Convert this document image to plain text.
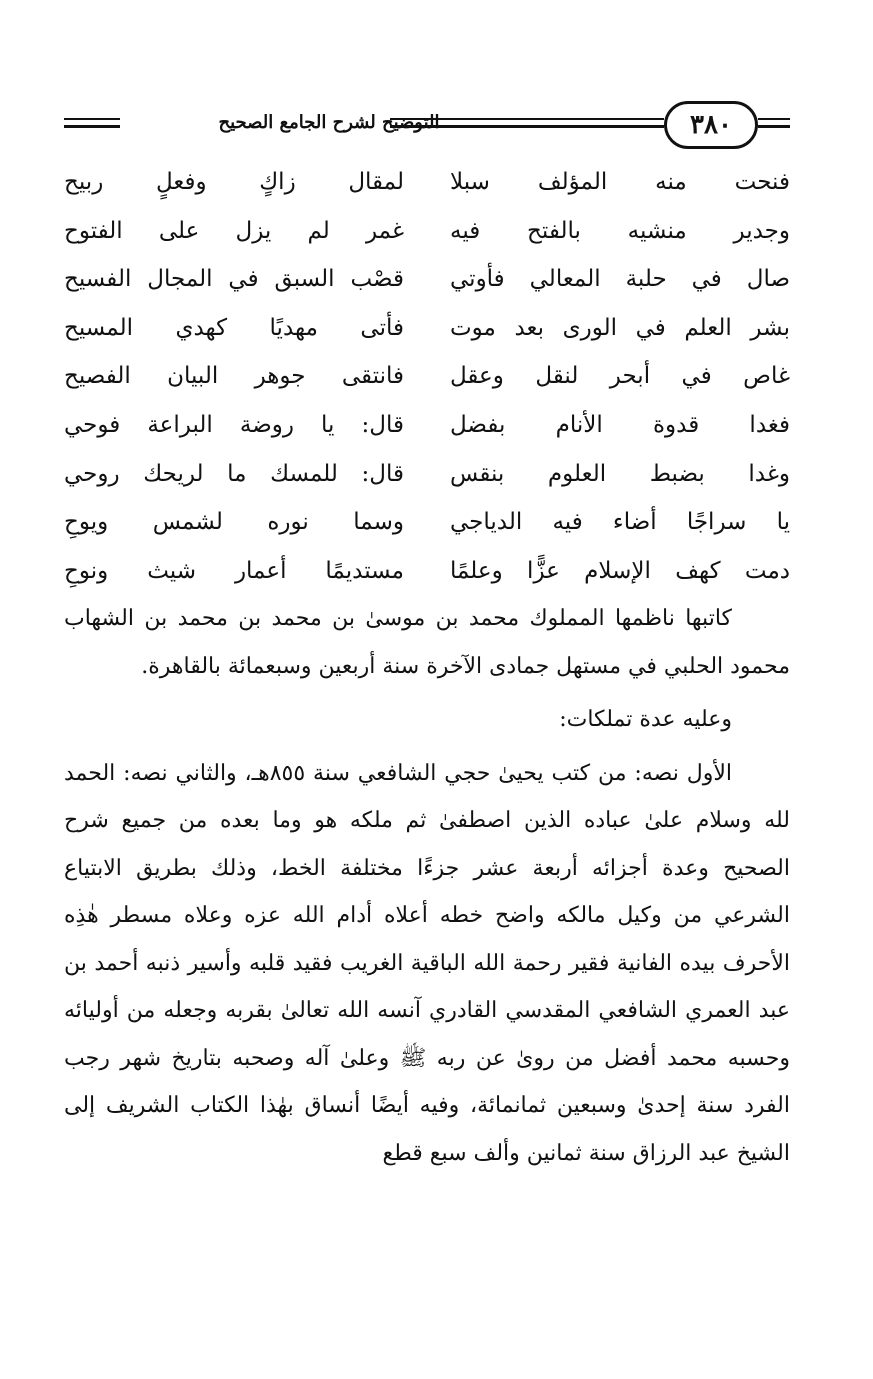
التوضيح لشرح الجامع الصحيح	٣٨٠
فنحت منه المؤلف سبلا
لمقال زاكٍ وفعلٍ ربيح
وجدير منشيه بالفتح فيه
غمر لم يزل على الفتوح
صال في حلبة المعالي فأوتي
قصْب السبق في المجال الفسيح
بشر العلم في الورى بعد موت
فأتى مهديًا كهدي المسيح
غاص في أبحر لنقل وعقل
فانتقى جوهر البيان الفصيح
فغدا قدوة الأنام بفضل
قال: يا روضة البراعة فوحي
وغدا بضبط العلوم بنقس
قال: للمسك ما لريحك روحي
يا سراجًا أضاء فيه الدياجي
وسما نوره لشمس ويوحِ
دمت كهف الإسلام عزًّا وعلمًا
مستديمًا أعمار شيث ونوحِ

كاتبها ناظمها المملوك محمد بن موسىٰ بن محمد بن محمد بن الشهاب محمود الحلبي في مستهل جمادى الآخرة سنة أربعين وسبعمائة بالقاهرة.

وعليه عدة تملكات:

الأول نصه: من كتب يحيىٰ حجي الشافعي سنة ٨٥٥هـ، والثاني نصه: الحمد لله وسلام علىٰ عباده الذين اصطفىٰ ثم ملكه هو وما بعده من جميع شرح الصحيح وعدة أجزائه أربعة عشر جزءًا مختلفة الخط، وذلك بطريق الابتياع الشرعي من وكيل مالكه واضح خطه أعلاه أدام الله عزه وعلاه مسطر هٰذِه الأحرف بيده الفانية فقير رحمة الله الباقية الغريب فقيد قلبه وأسير ذنبه أحمد بن عبد العمري الشافعي المقدسي القادري آنسه الله تعالىٰ بقربه وجعله من أوليائه وحسبه محمد أفضل من روىٰ عن ربه ﷺ وعلىٰ آله وصحبه بتاريخ شهر رجب الفرد سنة إحدىٰ وسبعين ثمانمائة، وفيه أيضًا أنساق بهٰذا الكتاب الشريف إلى الشيخ عبد الرزاق سنة ثمانين وألف سبع قطع
